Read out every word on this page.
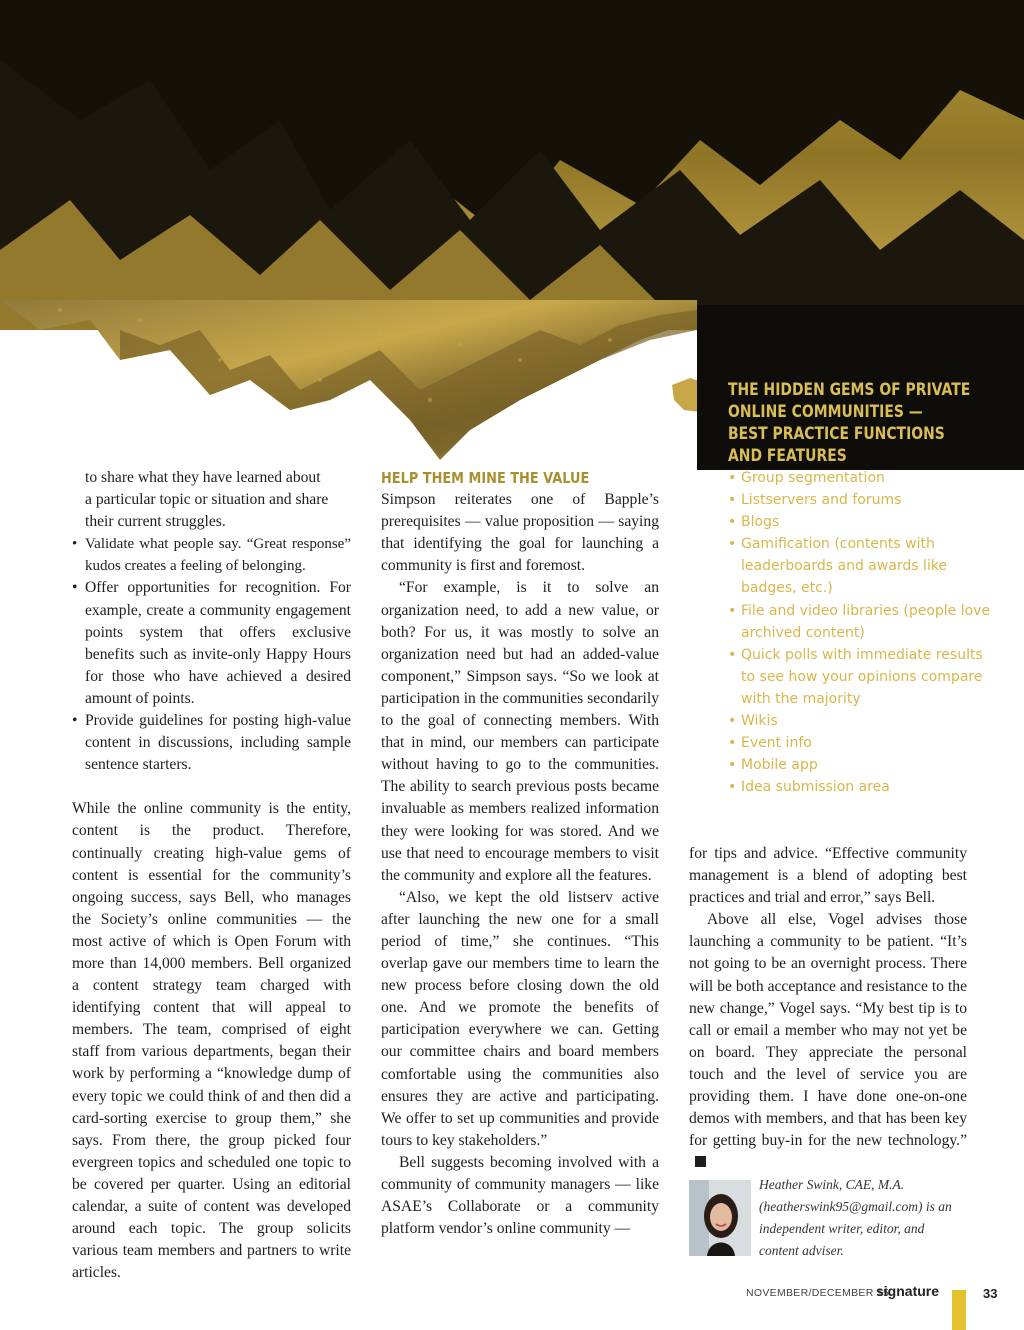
to share what they have learned about
a particular topic or situation and share
their current struggles.
• Validate what people say. “Great response” kudos creates a feeling of belonging.
• Offer opportunities for recognition. For example, create a community engagement points system that offers exclusive benefits such as invite-only Happy Hours for those who have achieved a desired amount of points.
• Provide guidelines for posting high-value content in discussions, including sample sentence starters.

While the online community is the entity, content is the product. Therefore, continually creating high-value gems of content is essential for the community’s ongoing success, says Bell, who manages the Society’s online communities — the most active of which is Open Forum with more than 14,000 members. Bell organized a content strategy team charged with identifying content that will appeal to members. The team, comprised of eight staff from various departments, began their work by performing a “knowledge dump of every topic we could think of and then did a card-sorting exercise to group them,” she says. From there, the group picked four evergreen topics and scheduled one topic to be covered per quarter. Using an editorial calendar, a suite of content was developed around each topic. The group solicits various team members and partners to write articles.

HELP THEM MINE THE VALUE

Simpson reiterates one of Bapple’s prerequisites — value proposition — saying that identifying the goal for launching a community is first and foremost.

“For example, is it to solve an organization need, to add a new value, or both? For us, it was mostly to solve an organization need but had an added-value component,” Simpson says. “So we look at participation in the communities secondarily to the goal of connecting members. With that in mind, our members can participate without having to go to the communities. The ability to search previous posts became invaluable as members realized information they were looking for was stored. And we use that need to encourage members to visit the community and explore all the features.

“Also, we kept the old listserv active after launching the new one for a small period of time,” she continues. “This overlap gave our members time to learn the new process before closing down the old one. And we promote the benefits of participation everywhere we can. Getting our committee chairs and board members comfortable using the communities also ensures they are active and participating. We offer to set up communities and provide tours to key stakeholders.”

Bell suggests becoming involved with a community of community managers — like ASAE’s Collaborate or a community platform vendor’s online community —

THE HIDDEN GEMS OF PRIVATE
ONLINE COMMUNITIES —
BEST PRACTICE FUNCTIONS
AND FEATURES
• Group segmentation
• Listservers and forums
• Blogs
• Gamification (contents with leaderboards and awards like badges, etc.)
• File and video libraries (people love archived content)
• Quick polls with immediate results to see how your opinions compare with the majority
• Wikis
• Event info
• Mobile app
• Idea submission area

for tips and advice. “Effective community management is a blend of adopting best practices and trial and error,” says Bell.

Above all else, Vogel advises those launching a community to be patient. “It’s not going to be an overnight process. There will be both acceptance and resistance to the new change,” Vogel says. “My best tip is to call or email a member who may not yet be on board. They appreciate the personal touch and the level of service you are providing them. I have done one-on-one demos with members, and that has been key for getting buy-in for the new technology.”

Heather Swink, CAE, M.A.
(heatherswink95@gmail.com) is an
independent writer, editor, and
content adviser.
NOVEMBER/DECEMBER 15
signature	33
